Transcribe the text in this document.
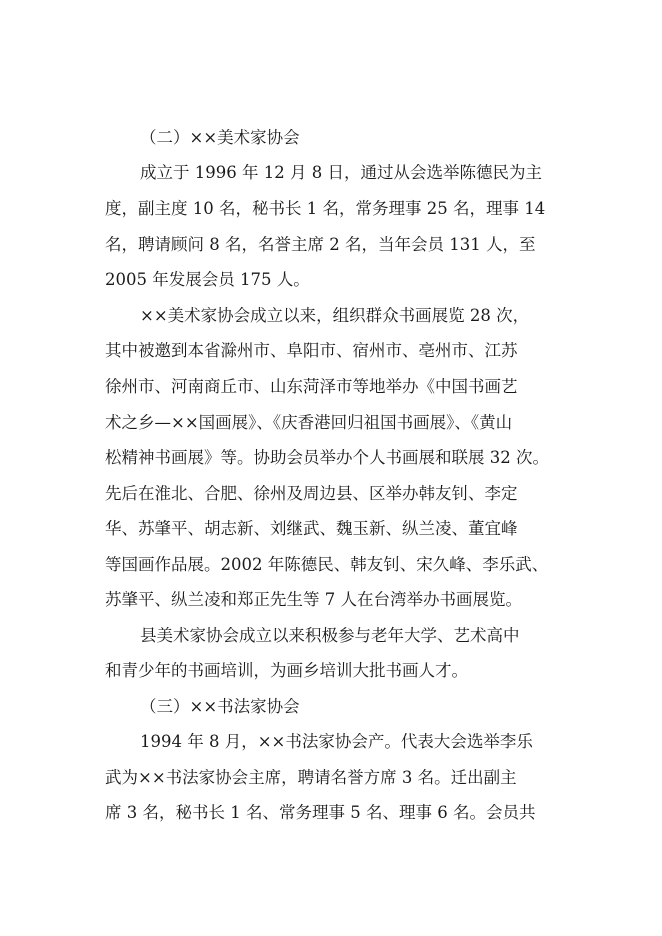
（二）××美术家协会
成立于 1996 年 12 月 8 日，通过从会选举陈德民为主
度，副主度 10 名，秘书长 1 名，常务理事 25 名，理事 14
名，聘请顾问 8 名，名誉主席 2 名，当年会员 131 人，至
2005 年发展会员 175 人。
××美术家协会成立以来，组织群众书画展览 28 次，
其中被邀到本省滁州市、阜阳市、宿州市、亳州市、江苏
徐州市、河南商丘市、山东菏泽市等地举办《中国书画艺
术之乡—××国画展》、《庆香港回归祖国书画展》、《黄山
松精神书画展》等。协助会员举办个人书画展和联展 32 次。
先后在淮北、合肥、徐州及周边县、区举办韩友钊、李定
华、苏肇平、胡志新、刘继武、魏玉新、纵兰凌、董宜峰
等国画作品展。2002 年陈德民、韩友钊、宋久峰、李乐武、
苏肇平、纵兰凌和郑正先生等 7 人在台湾举办书画展览。
县美术家协会成立以来积极参与老年大学、艺术高中
和青少年的书画培训，为画乡培训大批书画人才。
（三）××书法家协会
1994 年 8 月，××书法家协会产。代表大会选举李乐
武为××书法家协会主席，聘请名誉方席 3 名。迁出副主
席 3 名，秘书长 1 名、常务理事 5 名、理事 6 名。会员共
